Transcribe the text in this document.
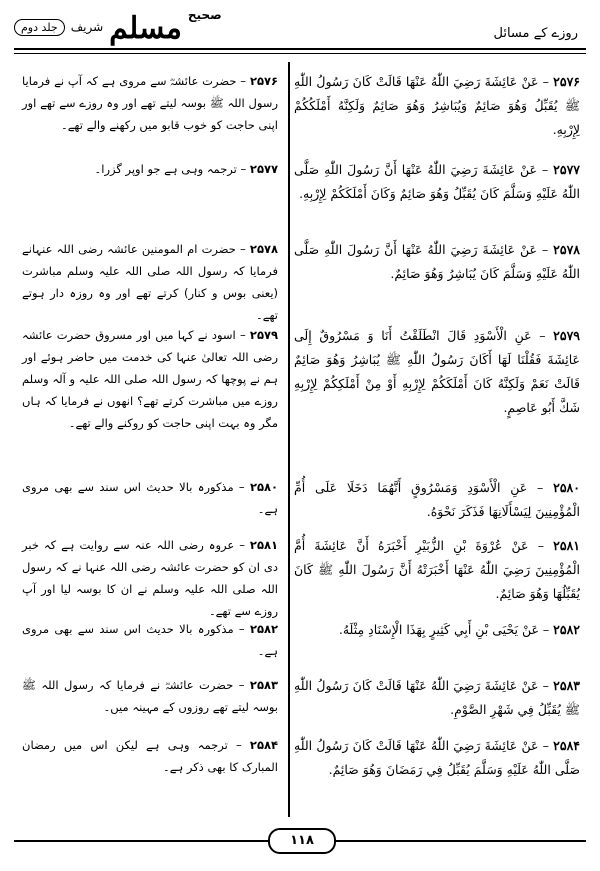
صحیح
مسلم
شریف
جلد دوم	روزے کے مسائل
۲۵۷۶ – عَنْ عَائِشَةَ رَضِيَ اللّٰهُ عَنْهَا قَالَتْ كَانَ رَسُولُ اللّٰهِ ﷺ يُقَبِّلُ وَهُوَ صَائِمٌ وَيُبَاشِرُ وَهُوَ صَائِمٌ وَلَكِنَّهُ أَمْلَكُكُمْ لِإِرْبِهِ.
۲۵۷۷ – عَنْ عَائِشَةَ رَضِيَ اللّٰهُ عَنْهَا أَنَّ رَسُولَ اللّٰهِ صَلَّى اللّٰهُ عَلَيْهِ وَسَلَّمَ كَانَ يُقَبِّلُ وَهُوَ صَائِمٌ وَكَانَ أَمْلَكَكُمْ لِإِرْبِهِ.
۲۵۷۸ – عَنْ عَائِشَةَ رَضِيَ اللّٰهُ عَنْهَا أَنَّ رَسُولَ اللّٰهِ صَلَّى اللّٰهُ عَلَيْهِ وَسَلَّمَ كَانَ يُبَاشِرُ وَهُوَ صَائِمٌ.
۲۵۷۹ – عَنِ الْأَسْوَدِ قَالَ انْطَلَقْتُ أَنَا وَ مَسْرُوقٌ إِلَى عَائِشَةَ فَقُلْنَا لَهَا أَكَانَ رَسُولُ اللّٰهِ ﷺ يُبَاشِرُ وَهُوَ صَائِمٌ قَالَتْ نَعَمْ وَلَكِنَّهُ كَانَ أَمْلَكَكُمْ لِإِرْبِهِ أَوْ مِنْ أَمْلَكِكُمْ لِإِرْبِهِ شَكَّ أَبُو عَاصِمٍ.
۲۵۸۰ – عَنِ الْأَسْوَدِ وَمَسْرُوقٍ أَنَّهُمَا دَخَلَا عَلَى أُمِّ الْمُؤْمِنِينَ لِيَسْأَلَانِهَا فَذَكَرَ نَحْوَهُ.
۲۵۸۱ – عَنْ عُرْوَةَ بْنِ الزُّبَيْرِ أَخْبَرَهُ أَنَّ عَائِشَةَ أُمَّ الْمُؤْمِنِينَ رَضِيَ اللّٰهُ عَنْهَا أَخْبَرَتْهُ أَنَّ رَسُولَ اللّٰهِ ﷺ كَانَ يُقَبِّلُهَا وَهُوَ صَائِمٌ.
۲۵۸۲ – عَنْ يَحْيَى بْنِ أَبِي كَثِيرٍ بِهَذَا الْإِسْنَادِ مِثْلَهُ.
۲۵۸۳ – عَنْ عَائِشَةَ رَضِيَ اللّٰهُ عَنْهَا قَالَتْ كَانَ رَسُولُ اللّٰهِ ﷺ يُقَبِّلُ فِي شَهْرِ الصَّوْمِ.
۲۵۸۴ – عَنْ عَائِشَةَ رَضِيَ اللّٰهُ عَنْهَا قَالَتْ كَانَ رَسُولُ اللّٰهِ صَلَّى اللّٰهُ عَلَيْهِ وَسَلَّمَ يُقَبِّلُ فِي رَمَضَانَ وَهُوَ صَائِمٌ.
۲۵۷۶ – حضرت عائشہؓ سے مروی ہے کہ آپ نے فرمایا رسول اللہ ﷺ بوسہ لیتے تھے اور وہ روزے سے تھے اور اپنی حاجت کو خوب قابو میں رکھنے والے تھے۔
۲۵۷۷ – ترجمہ وہی ہے جو اوپر گزرا۔
۲۵۷۸ – حضرت ام المومنین عائشہ رضی اللہ عنہانے فرمایا کہ رسول اللہ صلی اللہ علیہ وسلم مباشرت (یعنی بوس و کنار) کرتے تھے اور وہ روزہ دار ہوتے تھے۔
۲۵۷۹ – اسود نے کہا میں اور مسروق حضرت عائشہ رضی اللہ تعالیٰ عنہا کی خدمت میں حاضر ہوئے اور ہم نے پوچھا کہ رسول اللہ صلی اللہ علیہ و آلہ وسلم روزے میں مباشرت کرتے تھے؟ انھوں نے فرمایا کہ ہاں مگر وہ بہت اپنی حاجت کو روکنے والے تھے۔
۲۵۸۰ – مذکورہ بالا حدیث اس سند سے بھی مروی ہے۔
۲۵۸۱ – عروہ رضی اللہ عنہ سے روایت ہے کہ خبر دی ان کو حضرت عائشہ رضی اللہ عنہا نے کہ رسول اللہ صلی اللہ علیہ وسلم نے ان کا بوسہ لیا اور آپ روزے سے تھے۔
۲۵۸۲ – مذکورہ بالا حدیث اس سند سے بھی مروی ہے۔
۲۵۸۳ – حضرت عائشہؓ نے فرمایا کہ رسول اللہ ﷺ بوسہ لیتے تھے روزوں کے مہینہ میں۔
۲۵۸۴ – ترجمہ وہی ہے لیکن اس میں رمضان المبارک کا بھی ذکر ہے۔
۱۱۸
